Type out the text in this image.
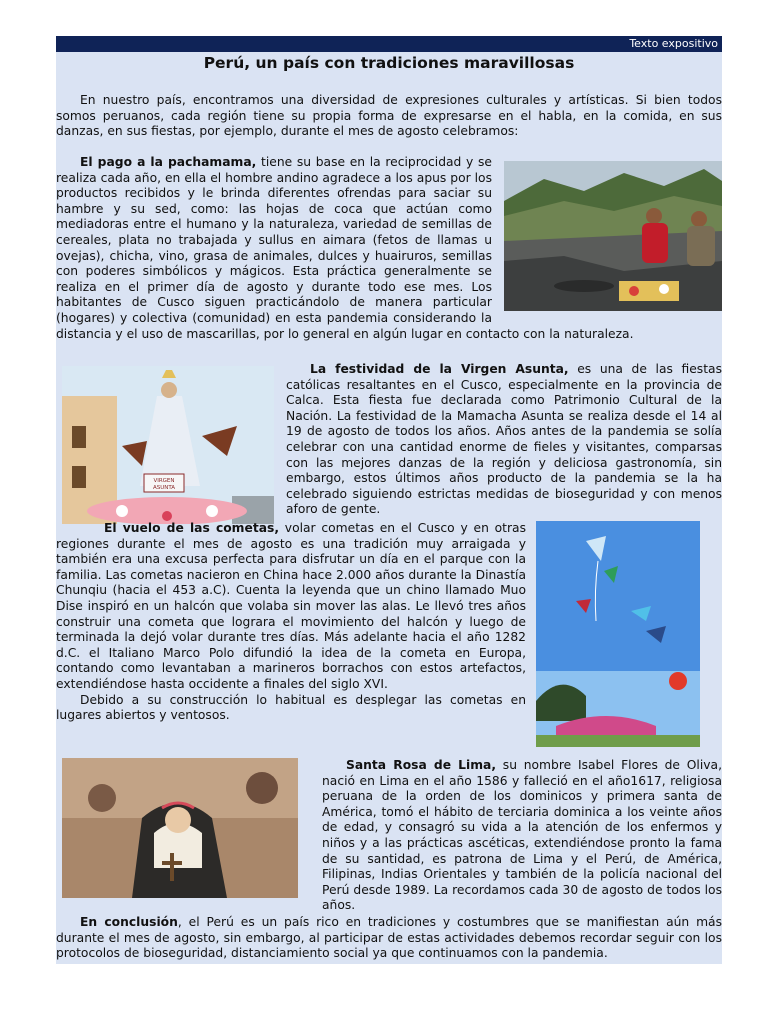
Texto expositivo
Perú, un país con tradiciones maravillosas

En nuestro país, encontramos una diversidad de expresiones culturales y artísticas. Si bien todos somos peruanos, cada región tiene su propia forma de expresarse en el habla, en la comida, en sus danzas, en sus fiestas, por ejemplo, durante el mes de agosto celebramos:

El pago a la pachamama, tiene su base en la reciprocidad y se realiza cada año, en ella el hombre andino agradece a los apus por los productos recibidos y le brinda diferentes ofrendas para saciar su hambre y su sed, como: las hojas de coca que actúan como mediadoras entre el humano y la naturaleza, variedad de semillas de cereales, plata no trabajada y sullus en aimara (fetos de llamas u ovejas), chicha, vino, grasa de animales, dulces y huairuros, semillas con poderes simbólicos y mágicos. Esta práctica generalmente se realiza en el primer día de agosto y durante todo ese mes. Los habitantes de Cusco siguen practicándolo de manera particular (hogares) y colectiva (comunidad) en esta pandemia considerando la distancia y el uso de mascarillas, por lo general en algún lugar en contacto con la naturaleza.

VIRGEN
ASUNTA

La festividad de la Virgen Asunta, es una de las fiestas católicas resaltantes en el Cusco, especialmente en la provincia de Calca. Esta fiesta fue declarada como Patrimonio Cultural de la Nación. La festividad de la Mamacha Asunta se realiza desde el 14 al 19 de agosto de todos los años. Años antes de la pandemia se solía celebrar con una cantidad enorme de fieles y visitantes, comparsas con las mejores danzas de la región y deliciosa gastronomía, sin embargo, estos últimos años producto de la pandemia se la ha celebrado siguiendo estrictas medidas de bioseguridad y con menos aforo de gente.

El vuelo de las cometas, volar cometas en el Cusco y en otras regiones durante el mes de agosto es una tradición muy arraigada y también era una excusa perfecta para disfrutar un día en el parque con la familia. Las cometas nacieron en China hace 2.000 años durante la Dinastía Chunqiu (hacia el 453 a.C). Cuenta la leyenda que un chino llamado Muo Dise inspiró en un halcón que volaba sin mover las alas. Le llevó tres años construir una cometa que lograra el movimiento del halcón y luego de terminada la dejó volar durante tres días. Más adelante hacia el año 1282 d.C. el Italiano Marco Polo difundió la idea de la cometa en Europa, contando como levantaban a marineros borrachos con estos artefactos, extendiéndose hasta occidente a finales del siglo XVI.

Debido a su construcción lo habitual es desplegar las cometas en lugares abiertos y ventosos.

Santa Rosa de Lima, su nombre Isabel Flores de Oliva, nació en Lima en el año 1586 y falleció en el año1617, religiosa peruana de la orden de los dominicos y primera santa de América, tomó el hábito de terciaria dominica a los veinte años de edad, y consagró su vida a la atención de los enfermos y niños y a las prácticas ascéticas, extendiéndose pronto la fama de su santidad, es patrona de Lima y el Perú, de América, Filipinas, Indias Orientales y también de la policía nacional del Perú desde 1989. La recordamos cada 30 de agosto de todos los años.

En conclusión, el Perú es un país rico en tradiciones y costumbres que se manifiestan aún más durante el mes de agosto, sin embargo, al participar de estas actividades debemos recordar seguir con los protocolos de bioseguridad, distanciamiento social ya que continuamos con la pandemia.
